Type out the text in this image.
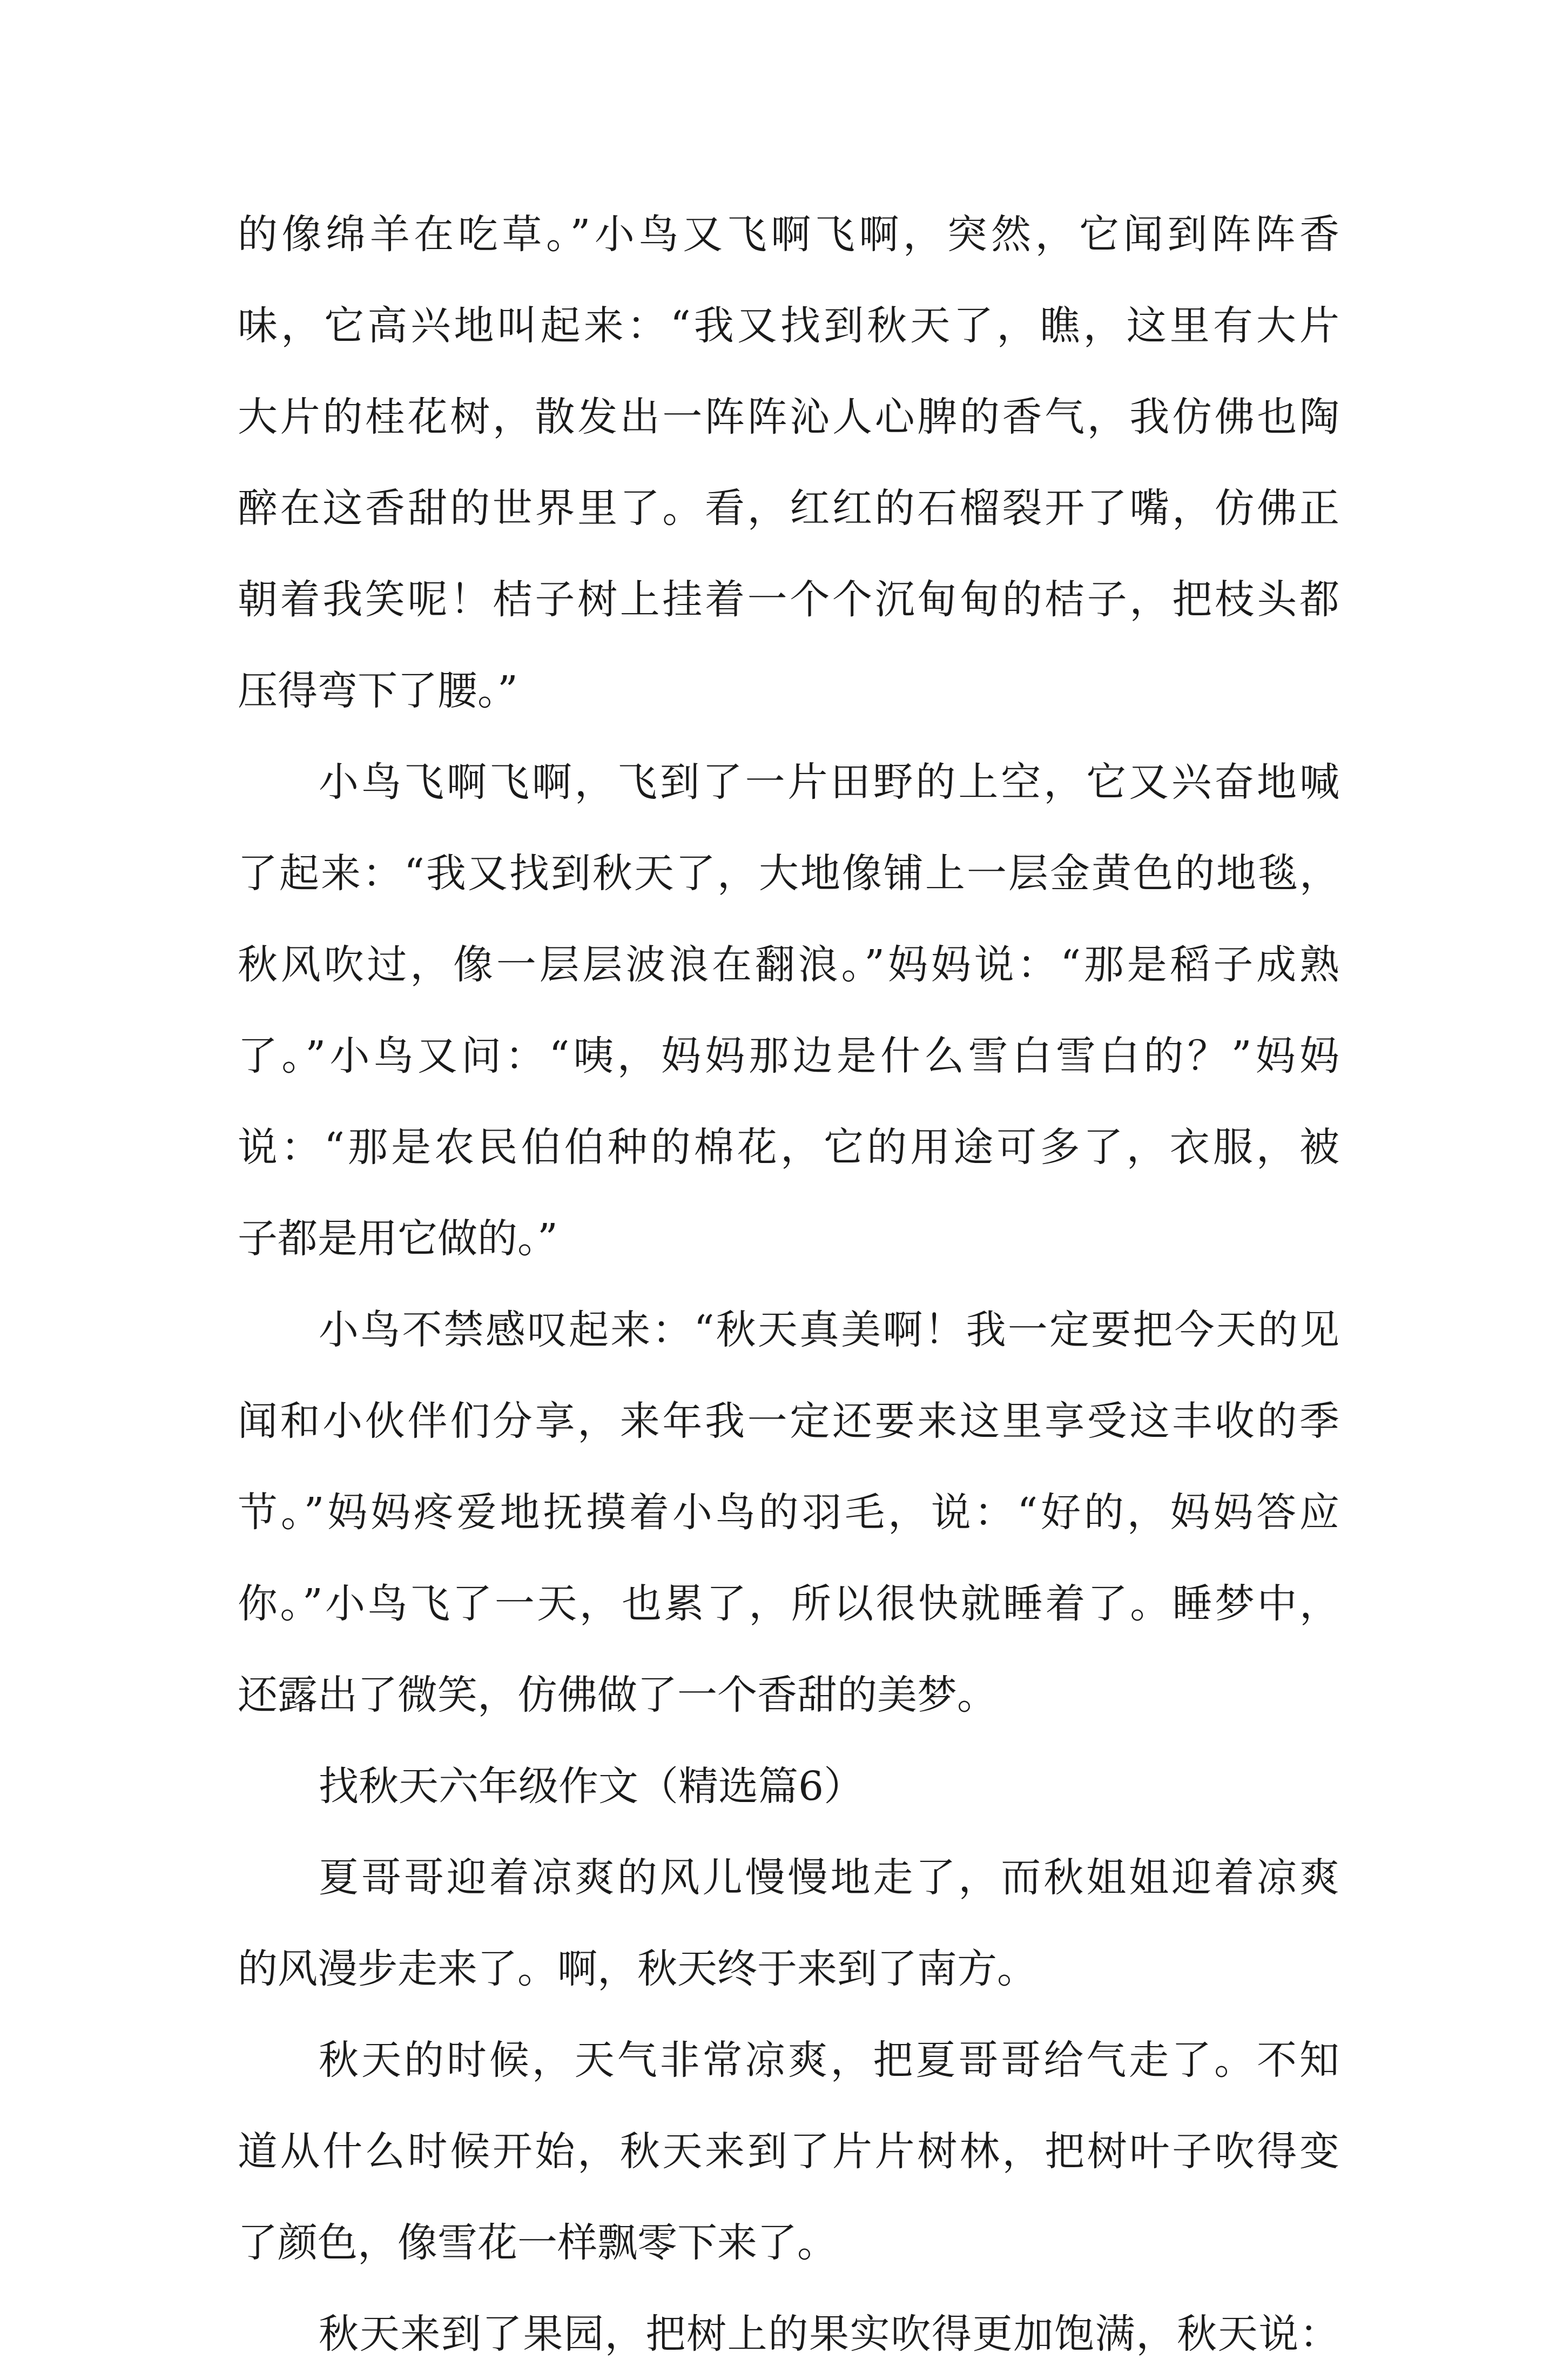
的像绵羊在吃草。”小鸟又飞啊飞啊，突然，它闻到阵阵香
味，它高兴地叫起来：“我又找到秋天了，瞧，这里有大片
大片的桂花树，散发出一阵阵沁人心脾的香气，我仿佛也陶
醉在这香甜的世界里了。看，红红的石榴裂开了嘴，仿佛正
朝着我笑呢！桔子树上挂着一个个沉甸甸的桔子，把枝头都
压得弯下了腰。”
小鸟飞啊飞啊，飞到了一片田野的上空，它又兴奋地喊
了起来：“我又找到秋天了，大地像铺上一层金黄色的地毯，
秋风吹过，像一层层波浪在翻浪。”妈妈说：“那是稻子成熟
了。”小鸟又问：“咦，妈妈那边是什么雪白雪白的？”妈妈
说：“那是农民伯伯种的棉花，它的用途可多了，衣服，被
子都是用它做的。”
小鸟不禁感叹起来：“秋天真美啊！我一定要把今天的见
闻和小伙伴们分享，来年我一定还要来这里享受这丰收的季
节。”妈妈疼爱地抚摸着小鸟的羽毛，说：“好的，妈妈答应
你。”小鸟飞了一天，也累了，所以很快就睡着了。睡梦中，
还露出了微笑，仿佛做了一个香甜的美梦。
找秋天六年级作文（精选篇6）
夏哥哥迎着凉爽的风儿慢慢地走了，而秋姐姐迎着凉爽
的风漫步走来了。啊，秋天终于来到了南方。
秋天的时候，天气非常凉爽，把夏哥哥给气走了。不知
道从什么时候开始，秋天来到了片片树林，把树叶子吹得变
了颜色，像雪花一样飘零下来了。
秋天来到了果园，把树上的果实吹得更加饱满，秋天说：
